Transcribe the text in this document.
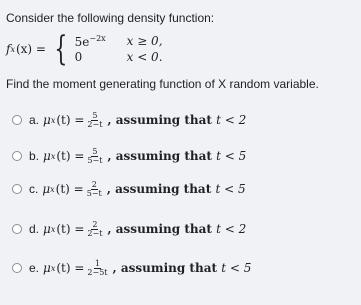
Consider the following density function:
f x (x) = { $5e^{-2x}$	x ≥ 0,
0	x < 0.
Find the moment generating function of X random variable.
a. μ x $(t) = \frac{5}{2-t}$ , assuming that t < 2
b. μ x $(t) = \frac{5}{5-t}$ , assuming that t < 5
c. μ x $(t) = \frac{2}{5-t}$ , assuming that t < 5
d. μ x $(t) = \frac{2}{2-t}$ , assuming that t < 2
e. μ x $(t) = \frac{1}{2-5t}$ , assuming that t < 5
